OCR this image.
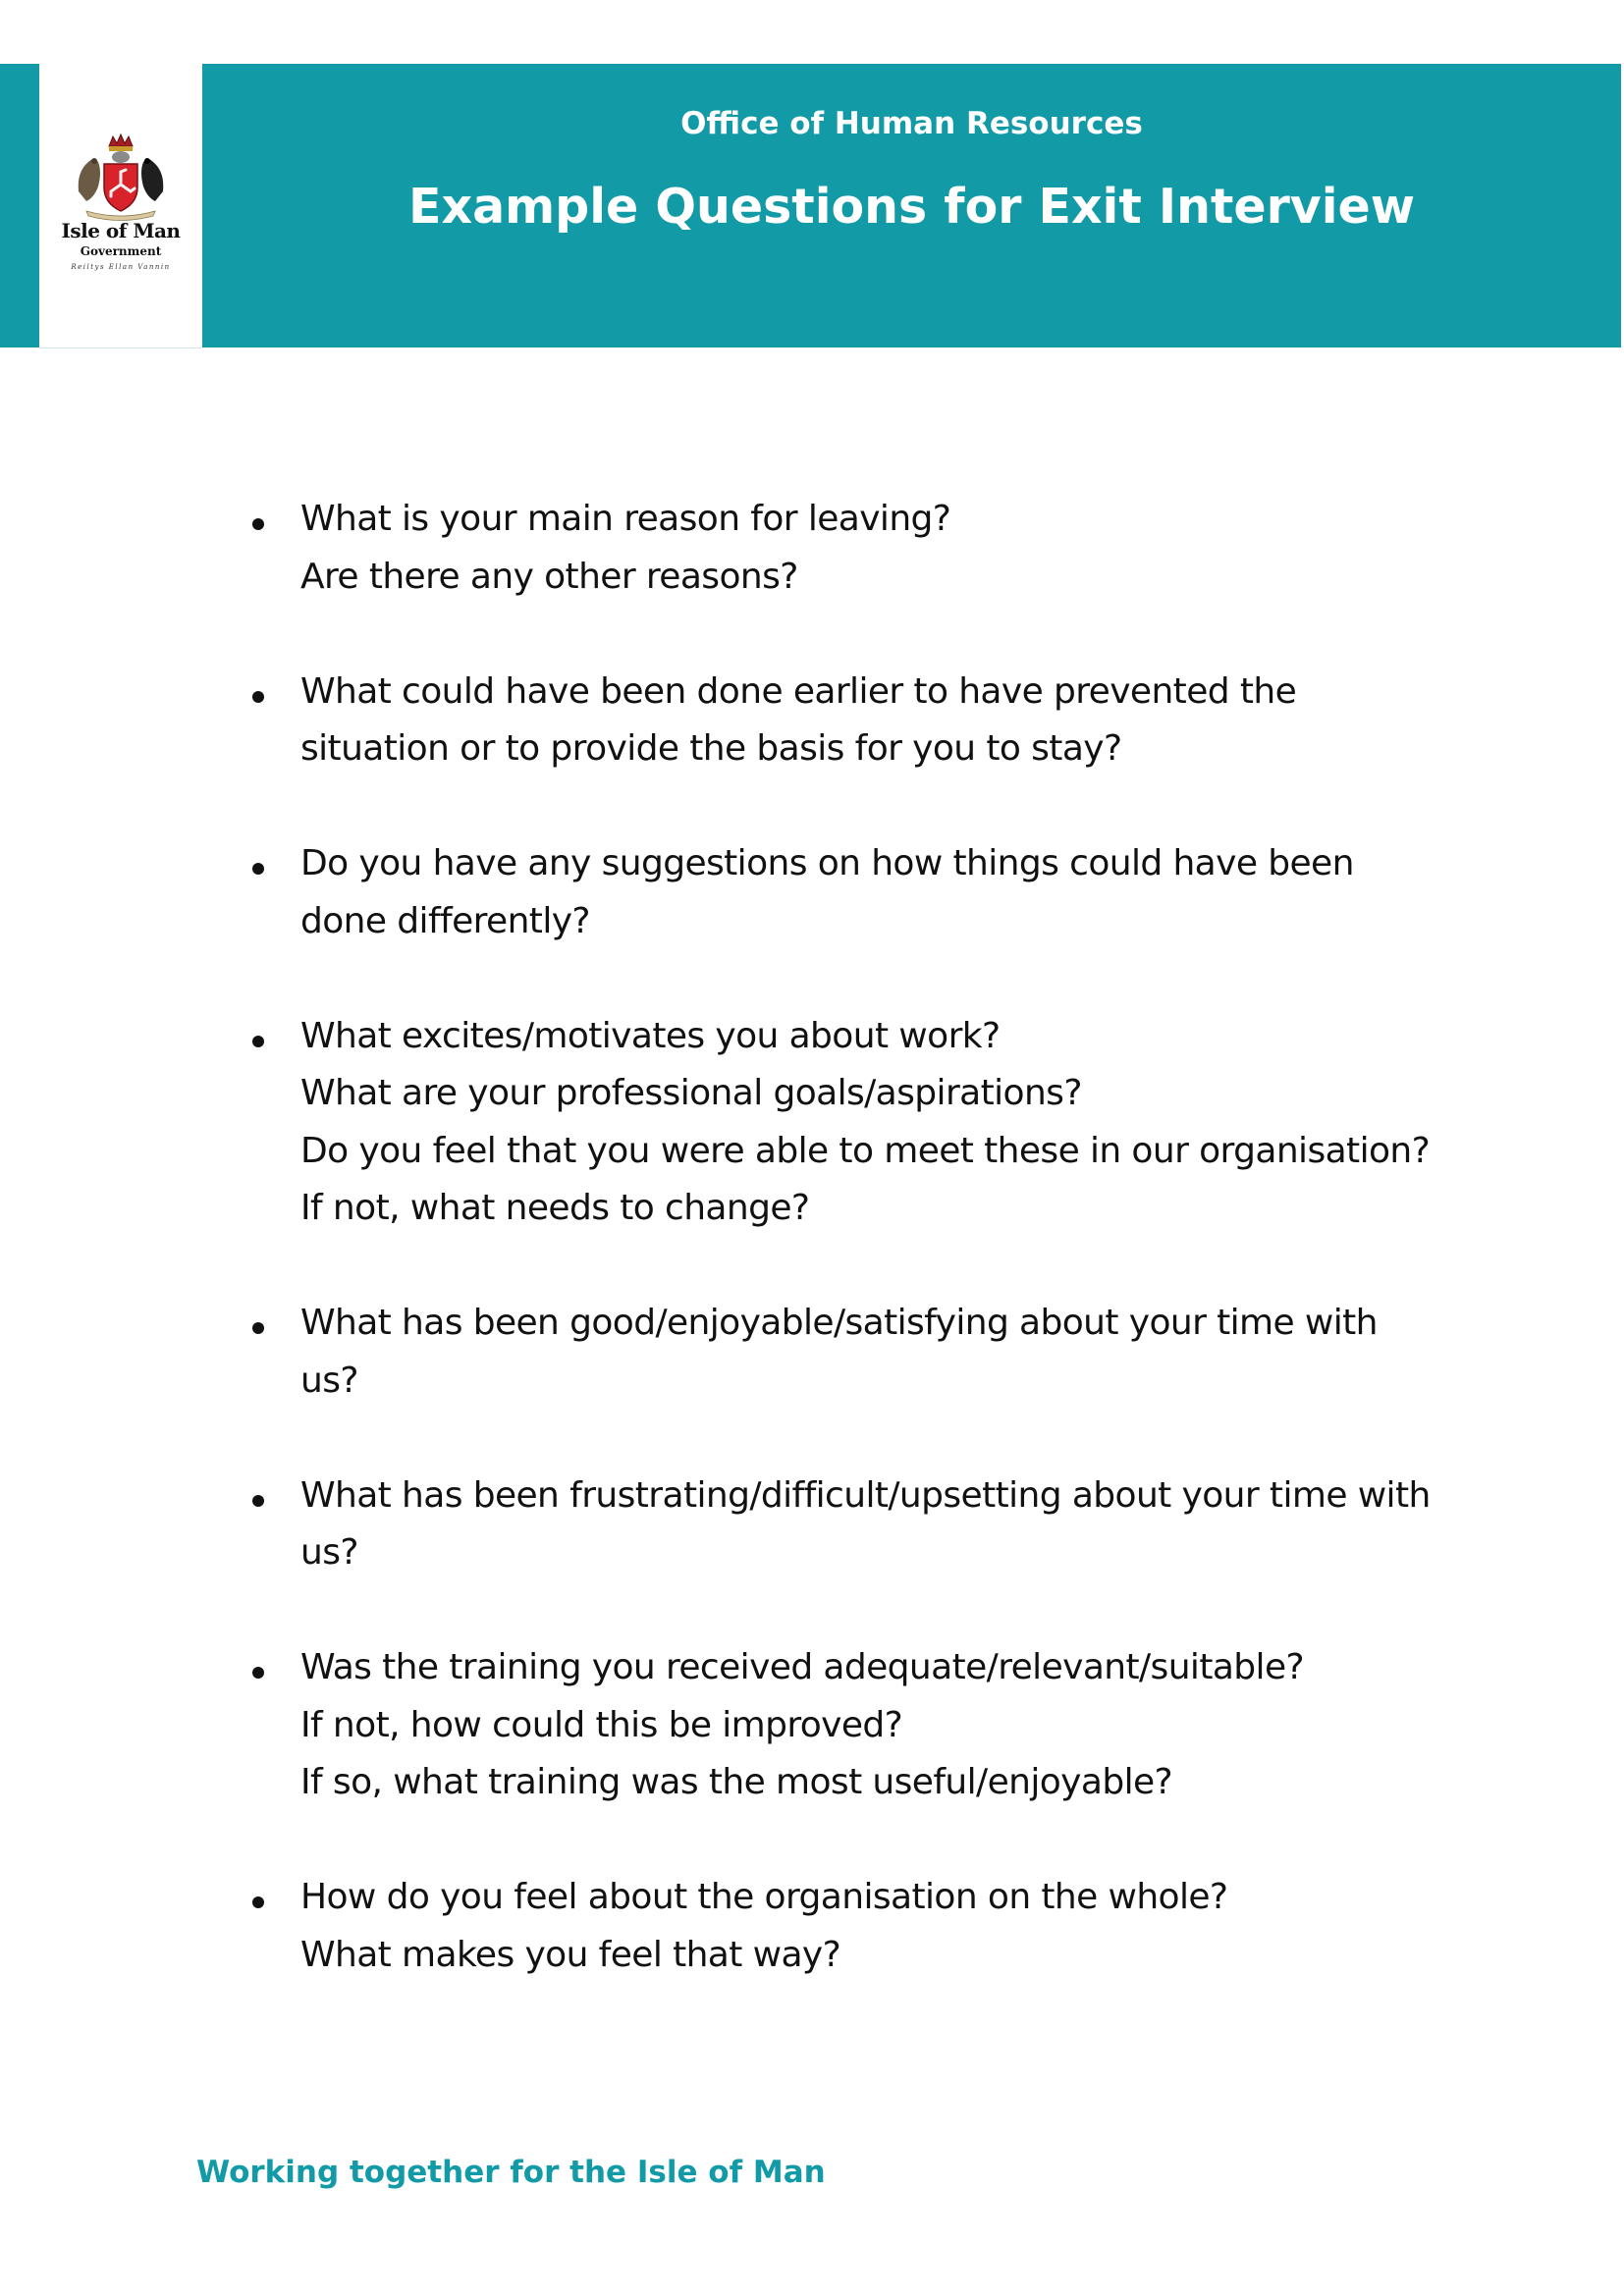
Isle of Man
Government
Reiltys Ellan Vannin
Office of Human Resources
Example Questions for Exit Interview
What is your main reason for leaving?
Are there any other reasons?
What could have been done earlier to have prevented the
situation or to provide the basis for you to stay?
Do you have any suggestions on how things could have been
done differently?
What excites/motivates you about work?
What are your professional goals/aspirations?
Do you feel that you were able to meet these in our organisation?
If not, what needs to change?
What has been good/enjoyable/satisfying about your time with
us?
What has been frustrating/difficult/upsetting about your time with
us?
Was the training you received adequate/relevant/suitable?
If not, how could this be improved?
If so, what training was the most useful/enjoyable?
How do you feel about the organisation on the whole?
What makes you feel that way?
Working together for the Isle of Man
